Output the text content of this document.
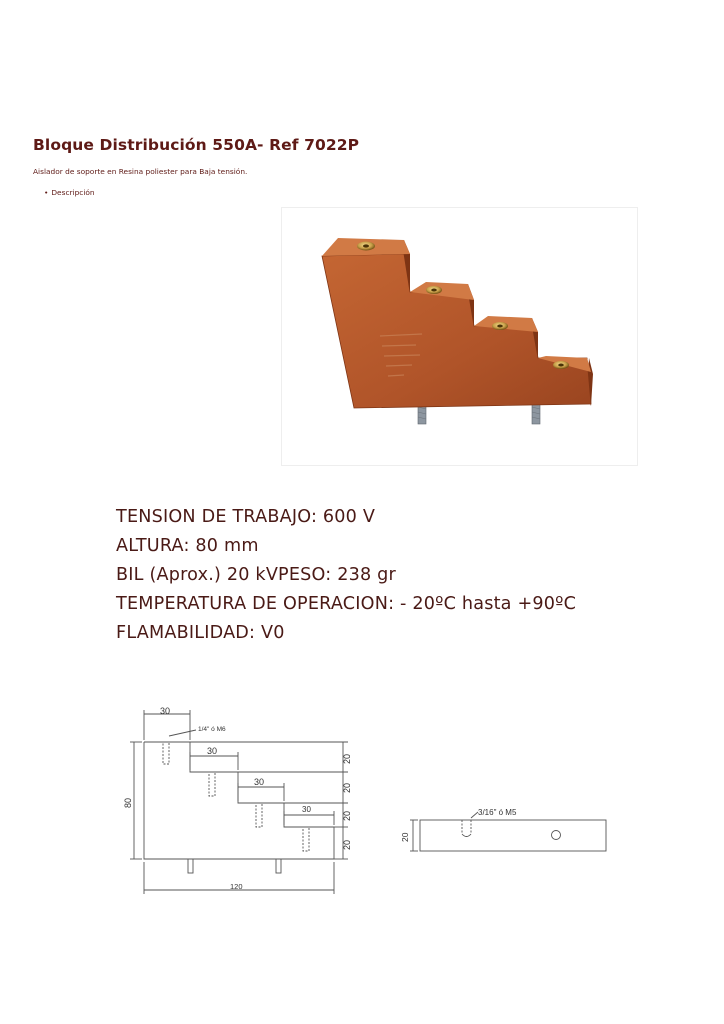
Bloque Distribución 550A- Ref 7022P

Aislador de soporte en Resina poliester para Baja tensión.

• Descripción
TENSION DE TRABAJO: 600 V
ALTURA: 80 mm
BIL (Aprox.) 20 kVPESO: 238 gr
TEMPERATURA DE OPERACION: - 20ºC hasta +90ºC
FLAMABILIDAD: V0
30
30
30
30
1/4" ó M6
20
20
20
20
80
120
3/16" ó M5
20
